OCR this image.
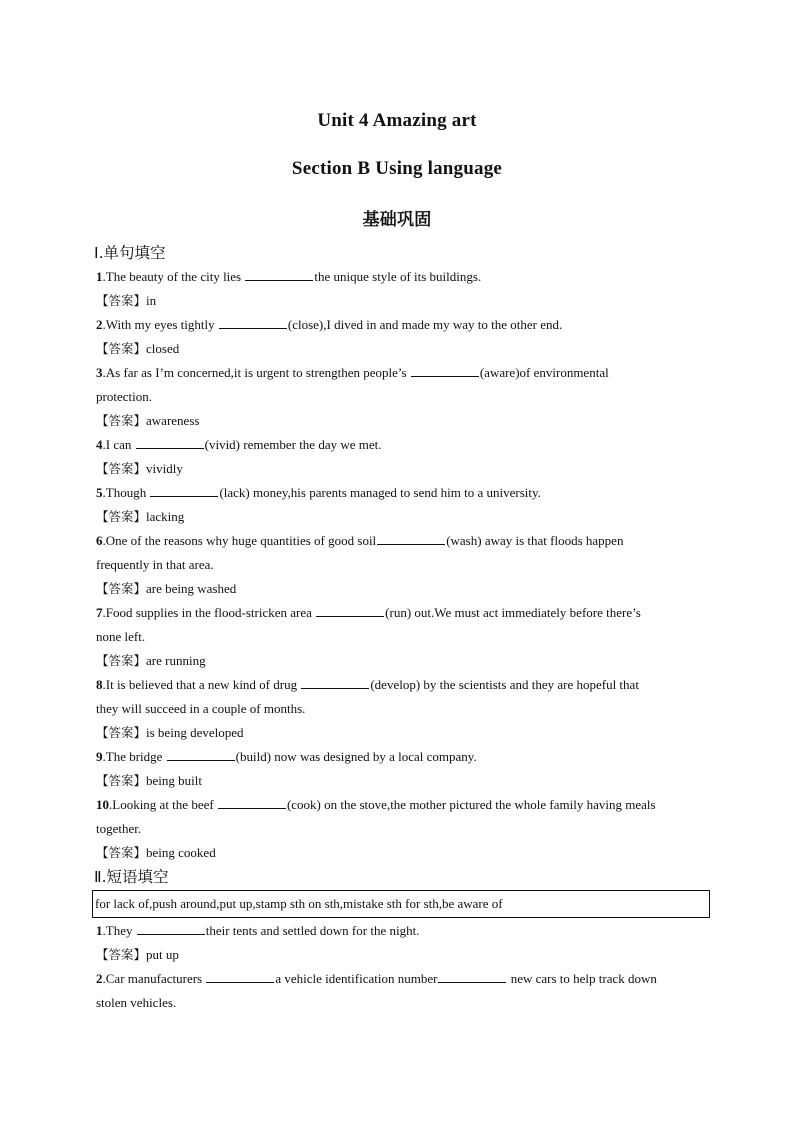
Unit 4 Amazing art
Section B Using language
基础巩固
Ⅰ.单句填空
1.The beauty of the city lies	the unique style of its buildings.
【答案】in
2.With my eyes tightly	(close),I dived in and made my way to the other end.
【答案】closed
3.As far as I’m concerned,it is urgent to strengthen people’s	(aware)of environmental
protection.
【答案】awareness
4.I can	(vivid) remember the day we met.
【答案】vividly
5.Though	(lack) money,his parents managed to send him to a university.
【答案】lacking
6.One of the reasons why huge quantities of good soil	(wash) away is that floods happen
frequently in that area.
【答案】are being washed
7.Food supplies in the flood-stricken area	(run) out.We must act immediately before there’s
none left.
【答案】are running
8.It is believed that a new kind of drug	(develop) by the scientists and they are hopeful that
they will succeed in a couple of months.
【答案】is being developed
9.The bridge	(build) now was designed by a local company.
【答案】being built
10.Looking at the beef	(cook) on the stove,the mother pictured the whole family having meals
together.
【答案】being cooked
Ⅱ.短语填空
for lack of,push around,put up,stamp sth on sth,mistake sth for sth,be aware of
1.They	their tents and settled down for the night.
【答案】put up
2.Car manufacturers	a vehicle identification number	new cars to help track down
stolen vehicles.
